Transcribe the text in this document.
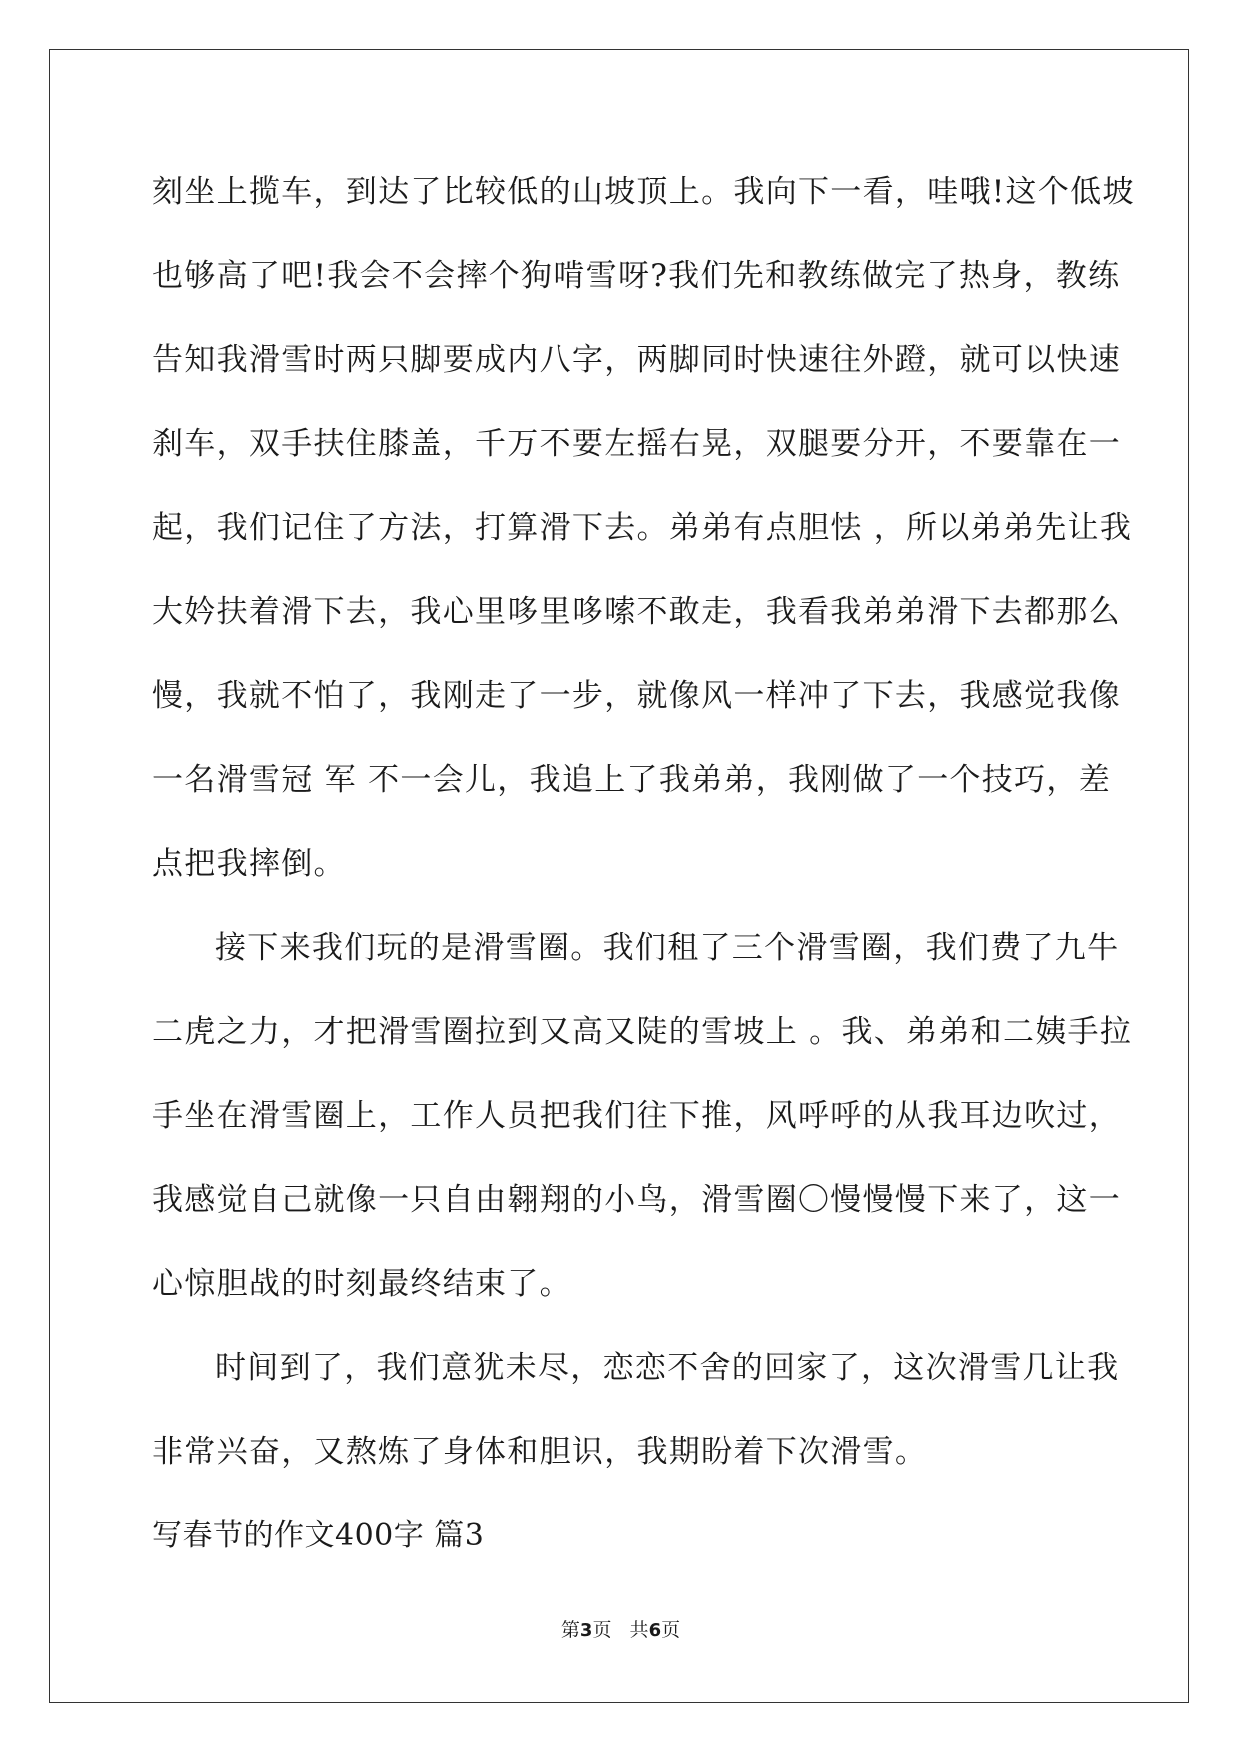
刻坐上揽车，到达了比较低的山坡顶上。我向下一看，哇哦!这个低坡
也够高了吧!我会不会摔个狗啃雪呀?我们先和教练做完了热身，教练
告知我滑雪时两只脚要成内八字，两脚同时快速往外蹬，就可以快速
刹车，双手扶住膝盖，千万不要左摇右晃，双腿要分开，不要靠在一
起，我们记住了方法，打算滑下去。弟弟有点胆怯 ，所以弟弟先让我
大妗扶着滑下去，我心里哆里哆嗦不敢走，我看我弟弟滑下去都那么
慢，我就不怕了，我刚走了一步，就像风一样冲了下去，我感觉我像
一名滑雪冠 军 不一会儿，我追上了我弟弟，我刚做了一个技巧，差
点把我摔倒。
接下来我们玩的是滑雪圈。我们租了三个滑雪圈，我们费了九牛
二虎之力，才把滑雪圈拉到又高又陡的雪坡上 。我、弟弟和二姨手拉
手坐在滑雪圈上，工作人员把我们往下推，风呼呼的从我耳边吹过，
我感觉自己就像一只自由翱翔的小鸟，滑雪圈〇慢慢慢下来了，这一
心惊胆战的时刻最终结束了。
时间到了，我们意犹未尽，恋恋不舍的回家了，这次滑雪几让我
非常兴奋，又熬炼了身体和胆识，我期盼着下次滑雪。
写春节的作文400字 篇3
第3页   共6页
